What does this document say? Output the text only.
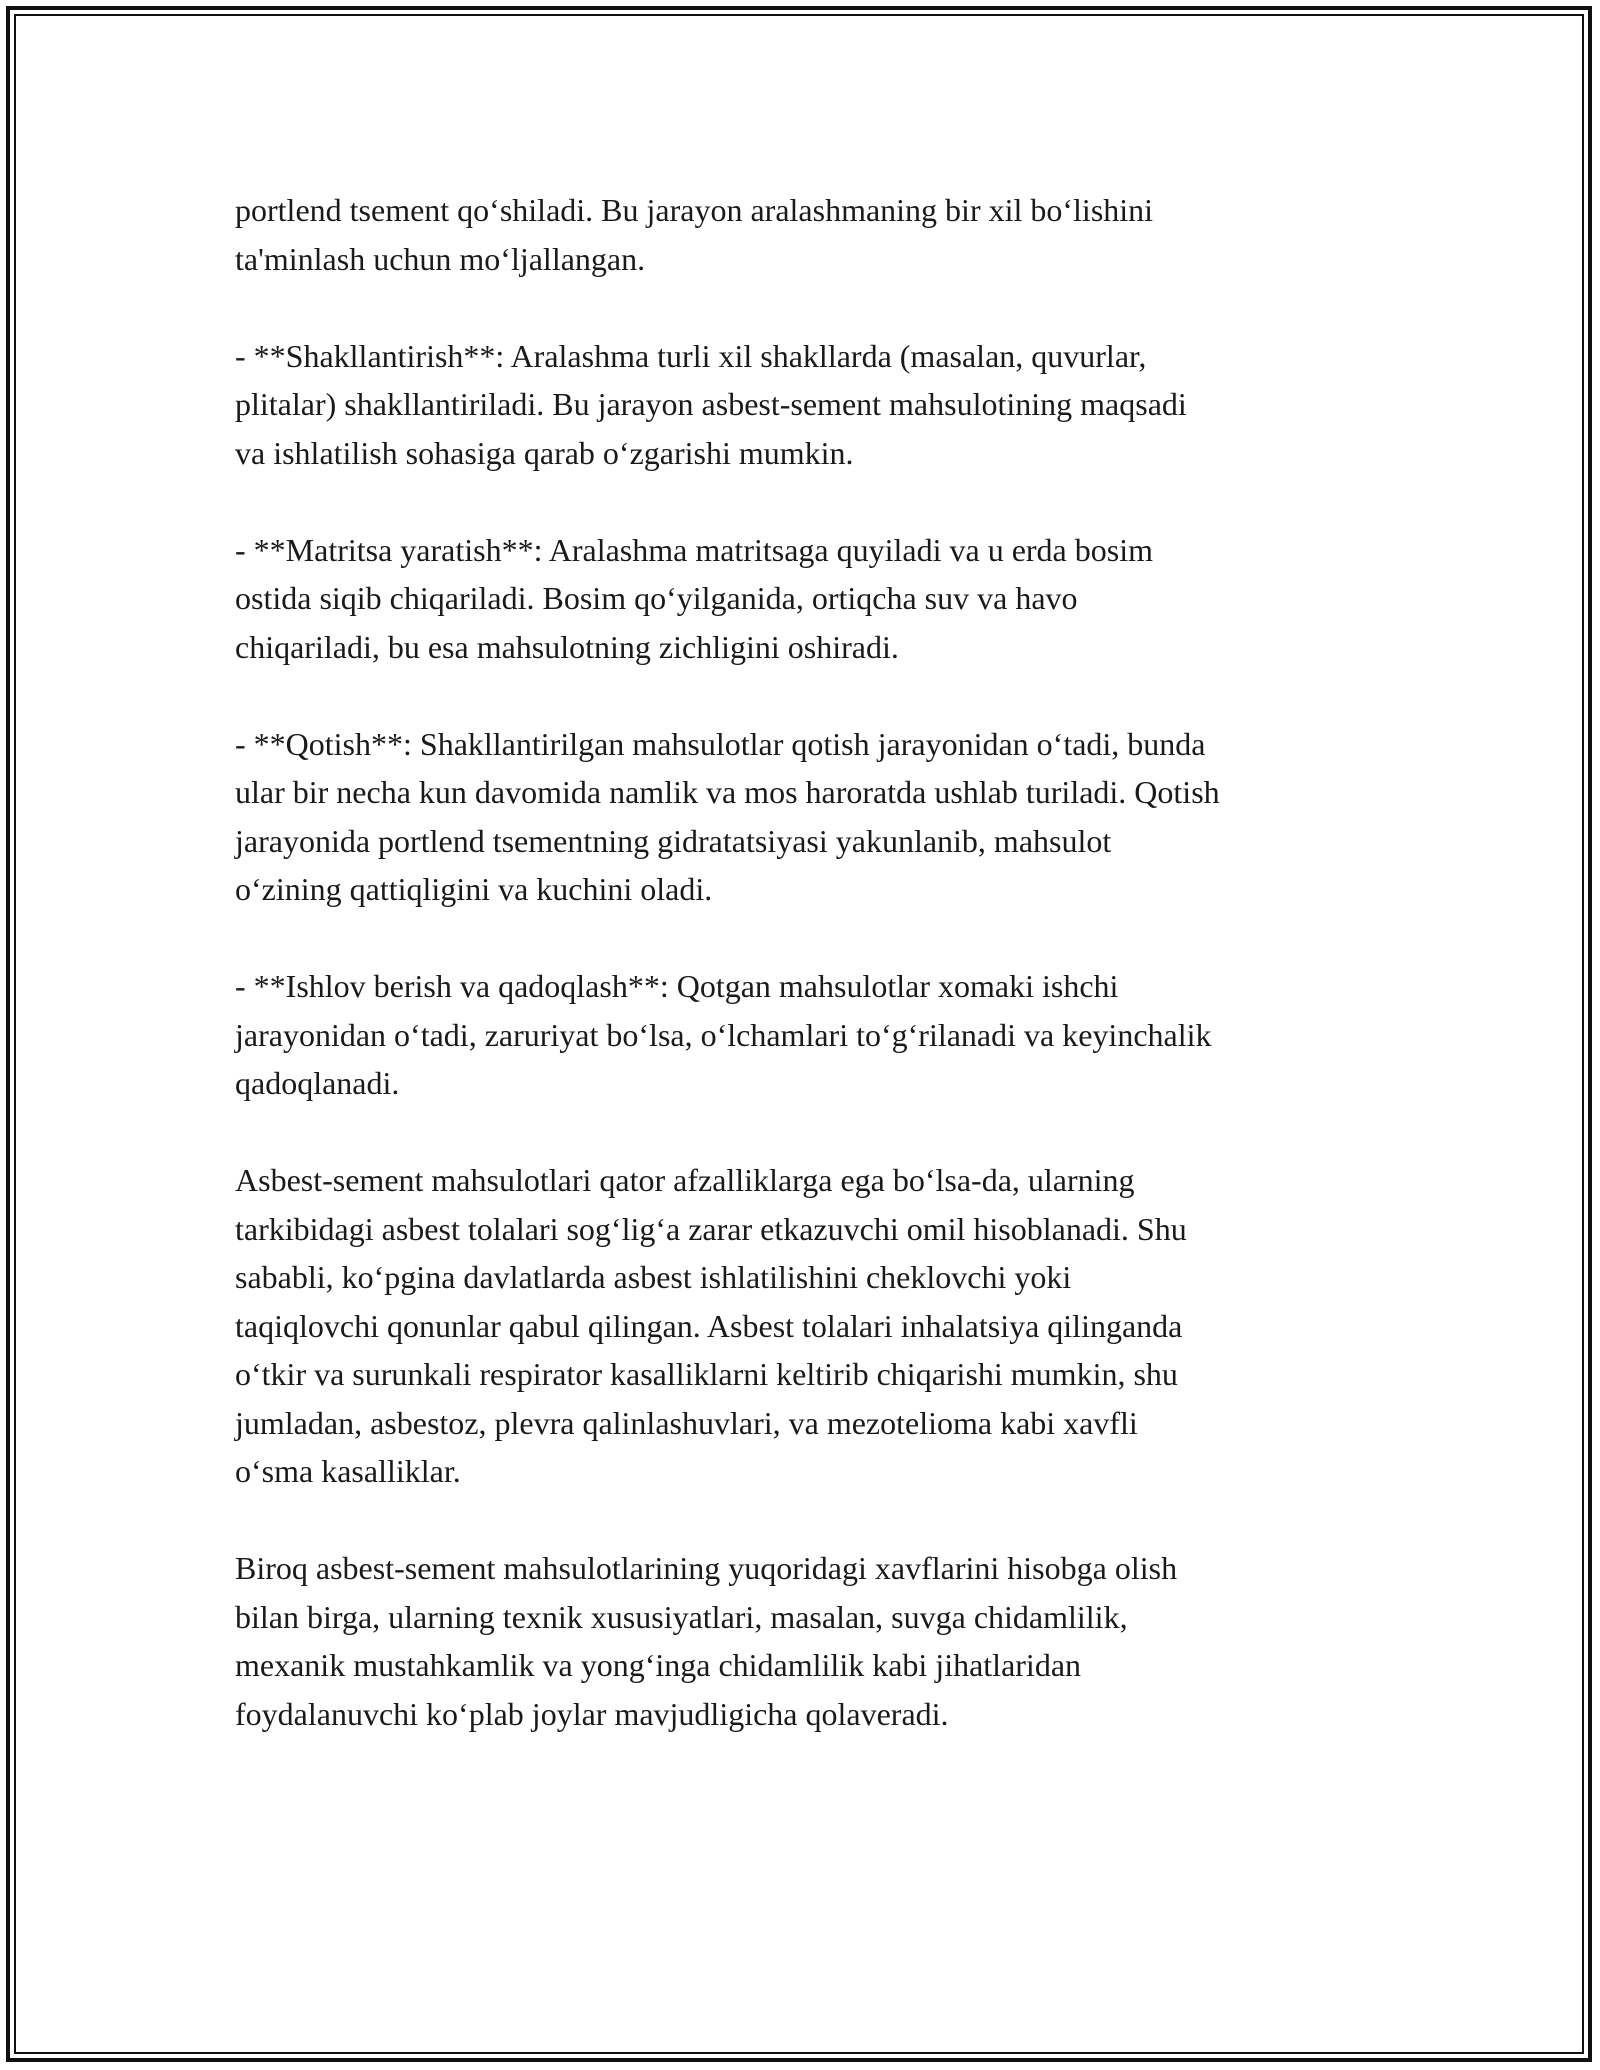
portlend tsement qo‘shiladi. Bu jarayon aralashmaning bir xil bo‘lishini
ta'minlash uchun mo‘ljallangan.

- **Shakllantirish**: Aralashma turli xil shakllarda (masalan, quvurlar,
plitalar) shakllantiriladi. Bu jarayon asbest-sement mahsulotining maqsadi
va ishlatilish sohasiga qarab o‘zgarishi mumkin.

- **Matritsa yaratish**: Aralashma matritsaga quyiladi va u erda bosim
ostida siqib chiqariladi. Bosim qo‘yilganida, ortiqcha suv va havo
chiqariladi, bu esa mahsulotning zichligini oshiradi.

- **Qotish**: Shakllantirilgan mahsulotlar qotish jarayonidan o‘tadi, bunda
ular bir necha kun davomida namlik va mos haroratda ushlab turiladi. Qotish
jarayonida portlend tsementning gidratatsiyasi yakunlanib, mahsulot
o‘zining qattiqligini va kuchini oladi.

- **Ishlov berish va qadoqlash**: Qotgan mahsulotlar xomaki ishchi
jarayonidan o‘tadi, zaruriyat bo‘lsa, o‘lchamlari to‘g‘rilanadi va keyinchalik
qadoqlanadi.

Asbest-sement mahsulotlari qator afzalliklarga ega bo‘lsa-da, ularning
tarkibidagi asbest tolalari sog‘lig‘a zarar etkazuvchi omil hisoblanadi. Shu
sababli, ko‘pgina davlatlarda asbest ishlatilishini cheklovchi yoki
taqiqlovchi qonunlar qabul qilingan. Asbest tolalari inhalatsiya qilinganda
o‘tkir va surunkali respirator kasalliklarni keltirib chiqarishi mumkin, shu
jumladan, asbestoz, plevra qalinlashuvlari, va mezotelioma kabi xavfli
o‘sma kasalliklar.

Biroq asbest-sement mahsulotlarining yuqoridagi xavflarini hisobga olish
bilan birga, ularning texnik xususiyatlari, masalan, suvga chidamlilik,
mexanik mustahkamlik va yong‘inga chidamlilik kabi jihatlaridan
foydalanuvchi ko‘plab joylar mavjudligicha qolaveradi.
